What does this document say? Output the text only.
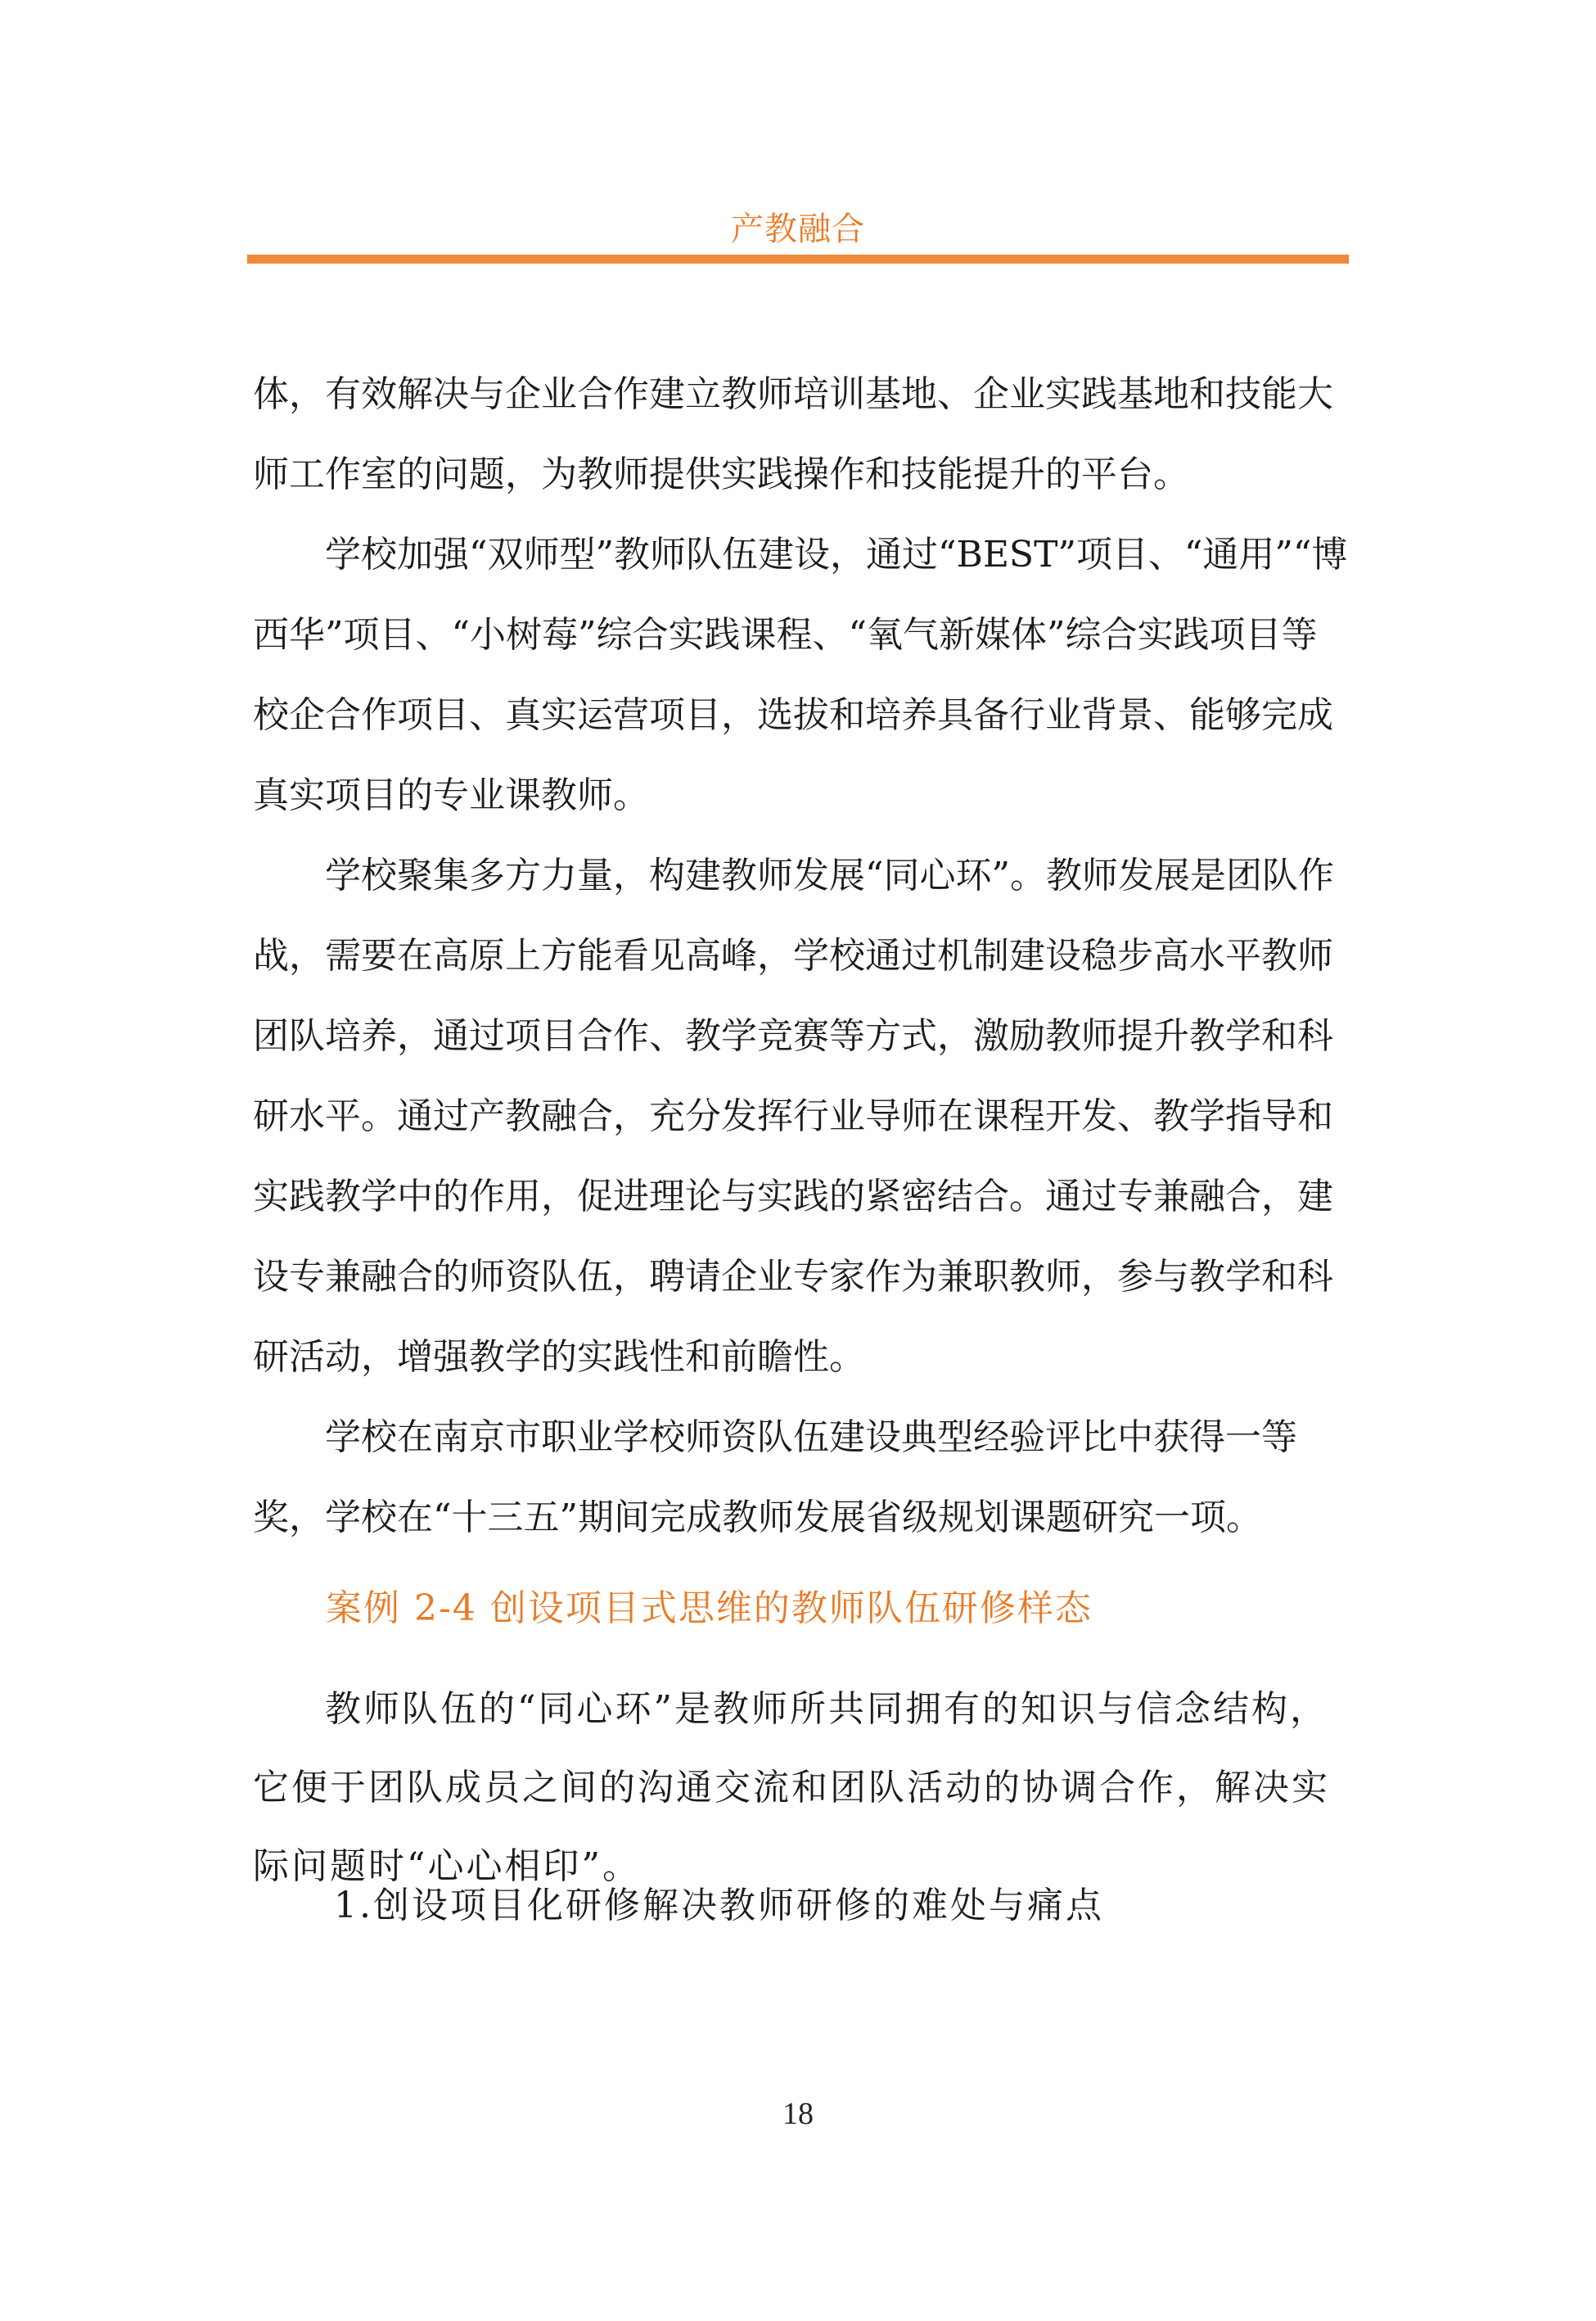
产教融合

体，有效解决与企业合作建立教师培训基地、企业实践基地和技能大师工作室的问题，为教师提供实践操作和技能提升的平台。

学校加强“双师型”教师队伍建设，通过“BEST”项目、“通用”“博西华”项目、“小树莓”综合实践课程、“氧气新媒体”综合实践项目等校企合作项目、真实运营项目，选拔和培养具备行业背景、能够完成真实项目的专业课教师。

学校聚集多方力量，构建教师发展“同心环”。教师发展是团队作战，需要在高原上方能看见高峰，学校通过机制建设稳步高水平教师团队培养，通过项目合作、教学竞赛等方式，激励教师提升教学和科研水平。通过产教融合，充分发挥行业导师在课程开发、教学指导和实践教学中的作用，促进理论与实践的紧密结合。通过专兼融合，建设专兼融合的师资队伍，聘请企业专家作为兼职教师，参与教学和科研活动，增强教学的实践性和前瞻性。

学校在南京市职业学校师资队伍建设典型经验评比中获得一等奖，学校在“十三五”期间完成教师发展省级规划课题研究一项。

案例 2-4 创设项目式思维的教师队伍研修样态

教师队伍的“同心环”是教师所共同拥有的知识与信念结构，它便于团队成员之间的沟通交流和团队活动的协调合作，解决实际问题时“心心相印”。

1.创设项目化研修解决教师研修的难处与痛点
18
